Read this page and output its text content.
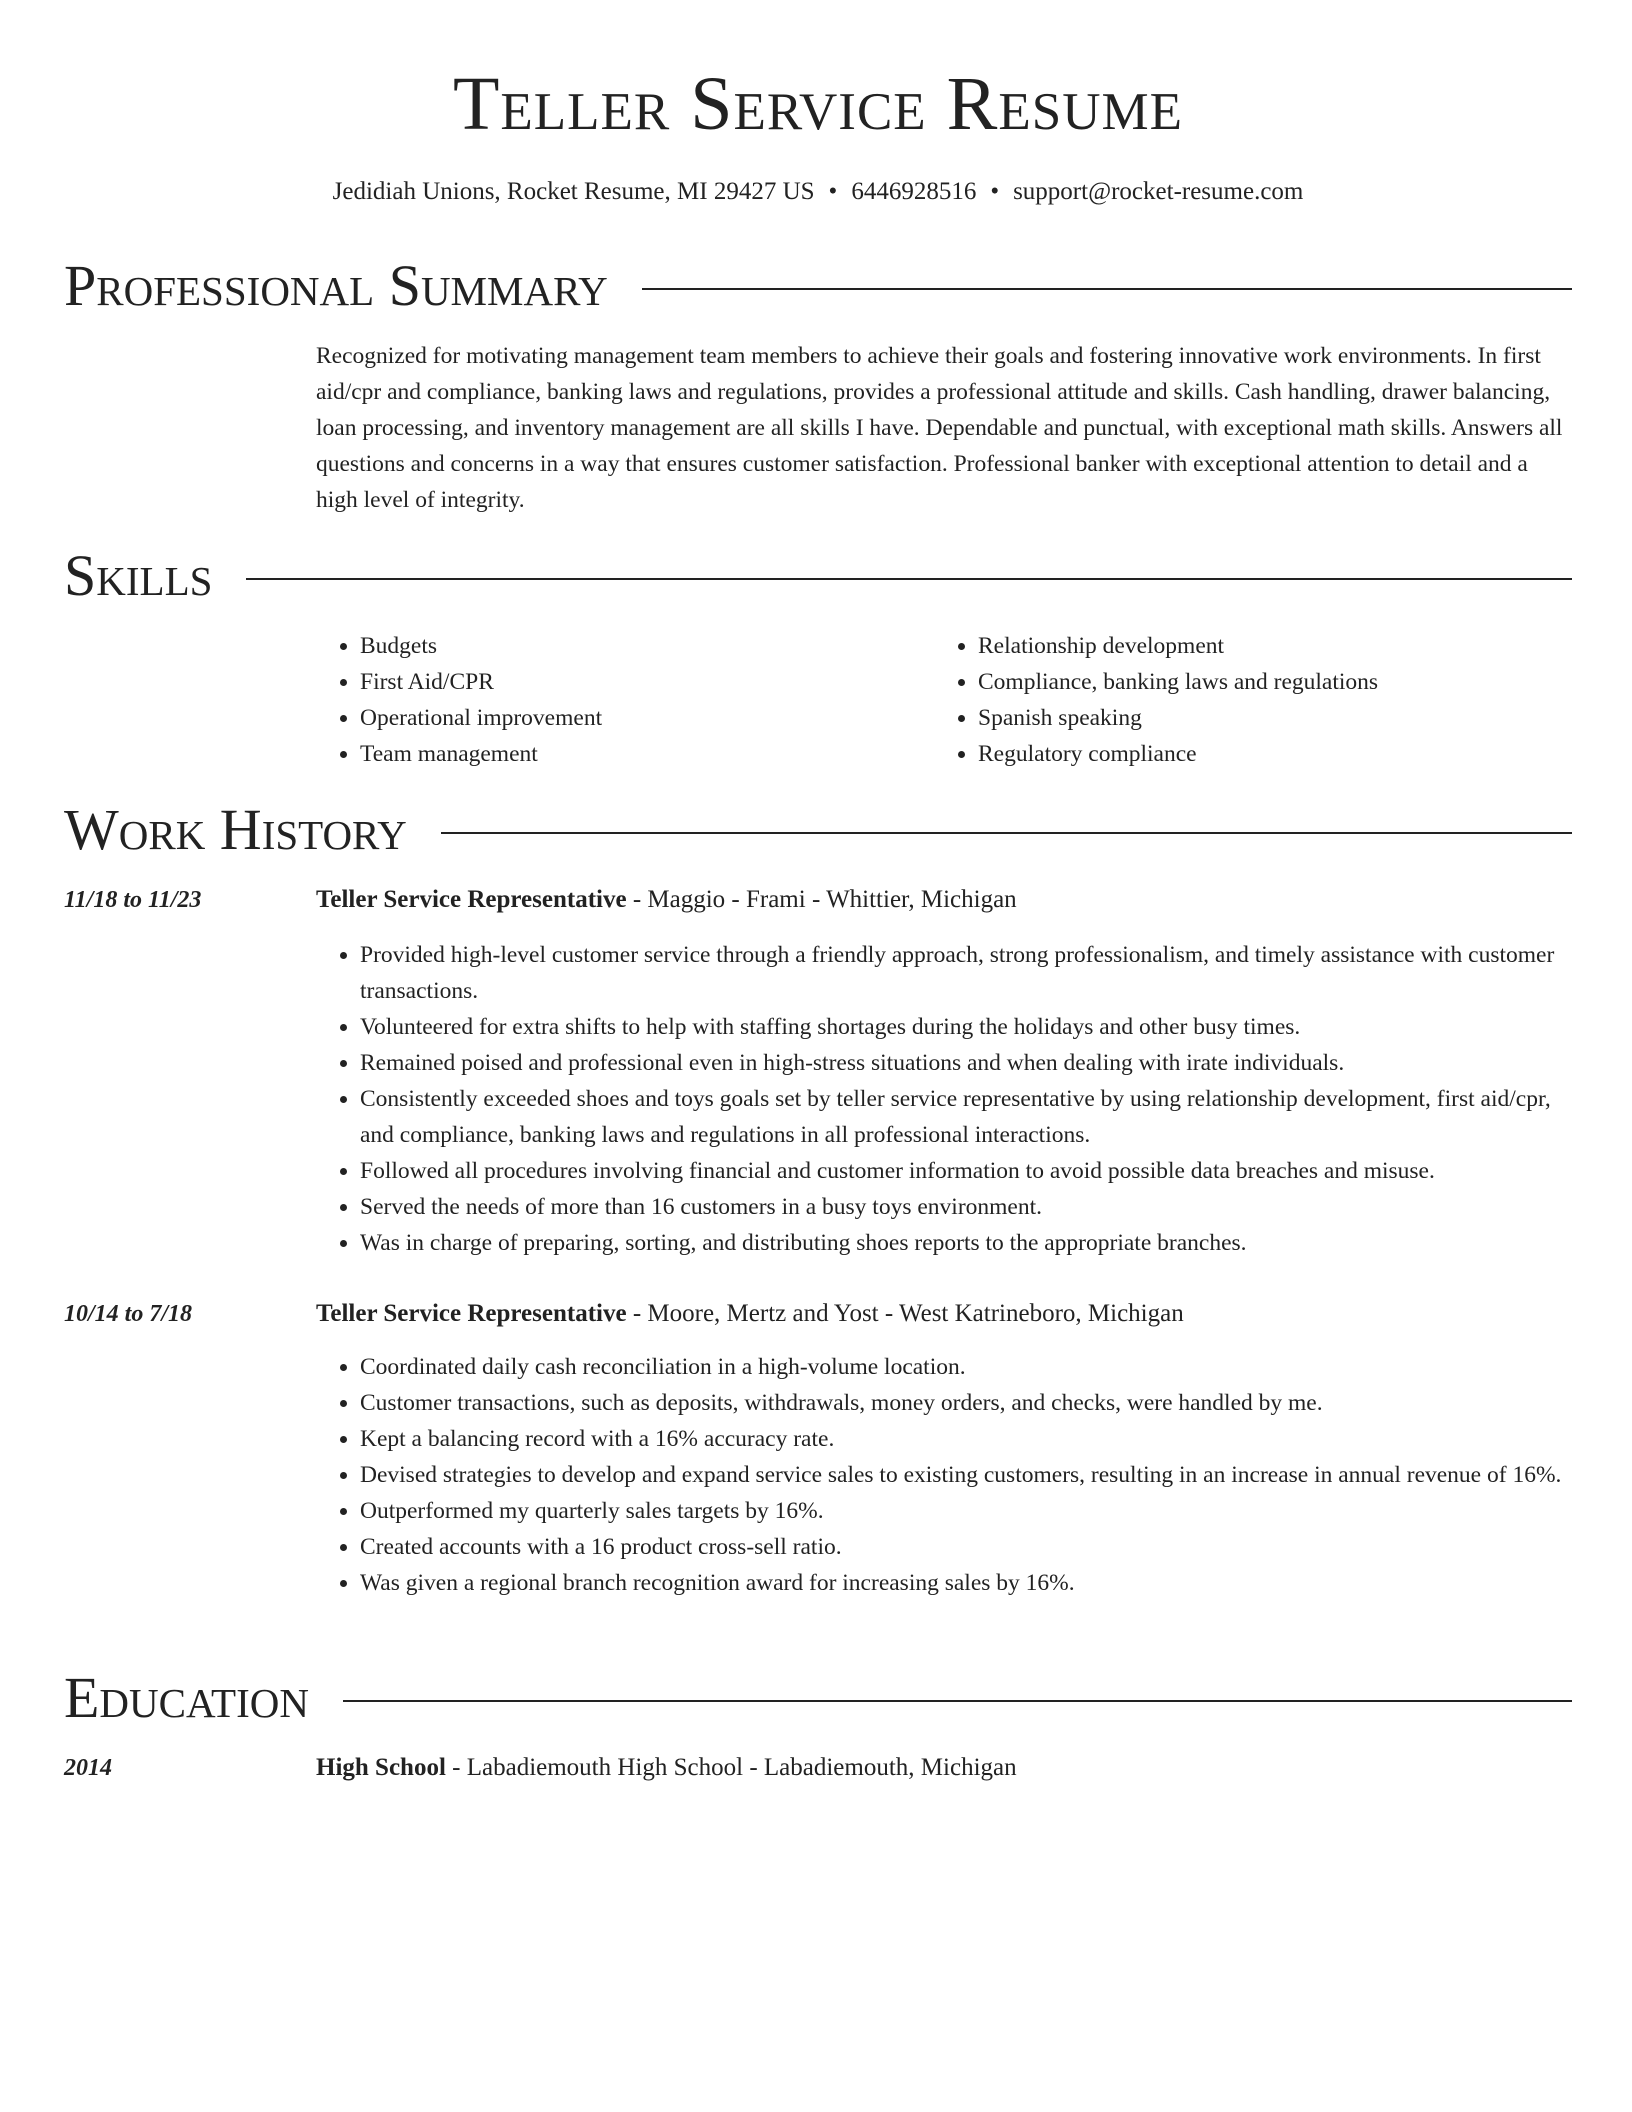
Teller Service Resume
Jedidiah Unions, Rocket Resume, MI 29427 US • 6446928516 • support@rocket-resume.com
Professional Summary

Recognized for motivating management team members to achieve their goals and fostering innovative work environments. In first aid/cpr and compliance, banking laws and regulations, provides a professional attitude and skills. Cash handling, drawer balancing, loan processing, and inventory management are all skills I have. Dependable and punctual, with exceptional math skills. Answers all questions and concerns in a way that ensures customer satisfaction. Professional banker with exceptional attention to detail and a high level of integrity.

Skills
• Budgets
• First Aid/CPR
• Operational improvement
• Team management
• Relationship development
• Compliance, banking laws and regulations
• Spanish speaking
• Regulatory compliance
Work History
11/18 to 11/23	Teller Service Representative - Maggio - Frami - Whittier, Michigan
• Provided high-level customer service through a friendly approach, strong professionalism, and timely assistance with customer transactions.
• Volunteered for extra shifts to help with staffing shortages during the holidays and other busy times.
• Remained poised and professional even in high-stress situations and when dealing with irate individuals.
• Consistently exceeded shoes and toys goals set by teller service representative by using relationship development, first aid/cpr, and compliance, banking laws and regulations in all professional interactions.
• Followed all procedures involving financial and customer information to avoid possible data breaches and misuse.
• Served the needs of more than 16 customers in a busy toys environment.
• Was in charge of preparing, sorting, and distributing shoes reports to the appropriate branches.
10/14 to 7/18	Teller Service Representative - Moore, Mertz and Yost - West Katrineboro, Michigan
• Coordinated daily cash reconciliation in a high-volume location.
• Customer transactions, such as deposits, withdrawals, money orders, and checks, were handled by me.
• Kept a balancing record with a 16% accuracy rate.
• Devised strategies to develop and expand service sales to existing customers, resulting in an increase in annual revenue of 16%.
• Outperformed my quarterly sales targets by 16%.
• Created accounts with a 16 product cross-sell ratio.
• Was given a regional branch recognition award for increasing sales by 16%.
Education
2014	High School - Labadiemouth High School - Labadiemouth, Michigan
